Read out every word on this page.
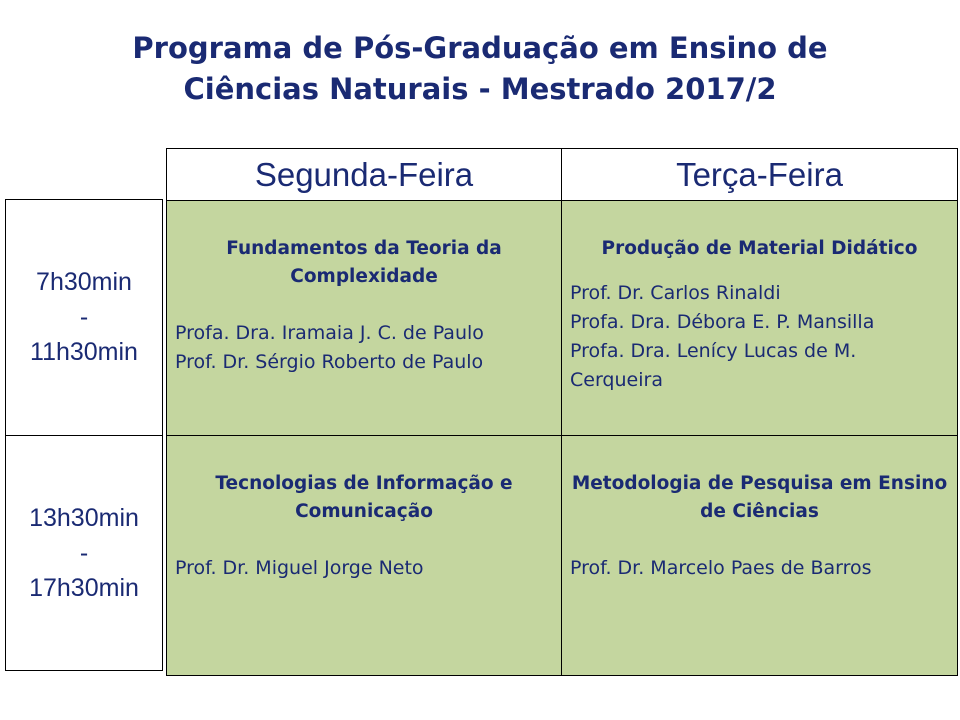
Programa de Pós-Graduação em Ensino de
Ciências Naturais - Mestrado 2017/2
Segunda-Feira	Terça-Feira
7h30min
-
11h30min
13h30min
-
17h30min
Fundamentos da Teoria da Complexidade
Profa. Dra. Iramaia J. C. de Paulo
Prof. Dr. Sérgio Roberto de Paulo
Produção de Material Didático
Prof. Dr. Carlos Rinaldi
Profa. Dra. Débora E. P. Mansilla
Profa. Dra. Lenícy Lucas de M.
Cerqueira
Tecnologias de Informação e Comunicação
Prof. Dr. Miguel Jorge Neto
Metodologia de Pesquisa em Ensino de Ciências
Prof. Dr. Marcelo Paes de Barros
